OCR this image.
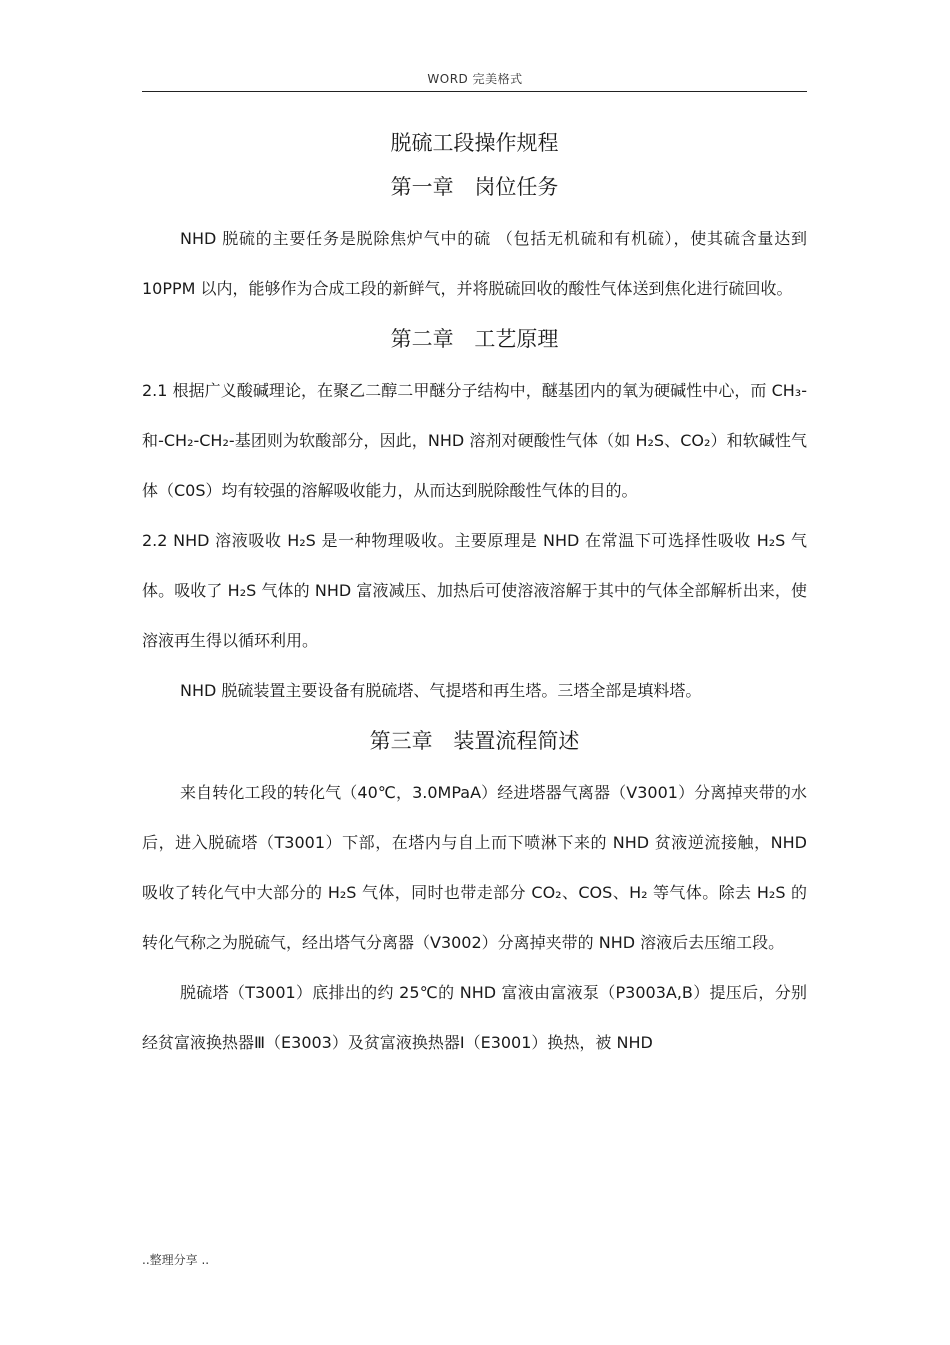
WORD 完美格式
脱硫工段操作规程
第一章 岗位任务

NHD 脱硫的主要任务是脱除焦炉气中的硫 （包括无机硫和有机硫），使其硫含量达到 10PPM 以内，能够作为合成工段的新鲜气，并将脱硫回收的酸性气体送到焦化进行硫回收。

第二章 工艺原理

2.1 根据广义酸碱理论，在聚乙二醇二甲醚分子结构中，醚基团内的氧为硬碱性中心，而 CH₃-和-CH₂-CH₂-基团则为软酸部分，因此，NHD 溶剂对硬酸性气体（如 H₂S、CO₂）和软碱性气体（C0S）均有较强的溶解吸收能力，从而达到脱除酸性气体的目的。

2.2 NHD 溶液吸收 H₂S 是一种物理吸收。主要原理是 NHD 在常温下可选择性吸收 H₂S 气体。吸收了 H₂S 气体的 NHD 富液减压、加热后可使溶液溶解于其中的气体全部解析出来，使溶液再生得以循环利用。

NHD 脱硫装置主要设备有脱硫塔、气提塔和再生塔。三塔全部是填料塔。

第三章 装置流程简述

来自转化工段的转化气（40℃，3.0MPaA）经进塔器气离器（V3001）分离掉夹带的水后，进入脱硫塔（T3001）下部，在塔内与自上而下喷淋下来的 NHD 贫液逆流接触，NHD 吸收了转化气中大部分的 H₂S 气体，同时也带走部分 CO₂、COS、H₂ 等气体。除去 H₂S 的转化气称之为脱硫气，经出塔气分离器（V3002）分离掉夹带的 NHD 溶液后去压缩工段。

脱硫塔（T3001）底排出的约 25℃的 NHD 富液由富液泵（P3003A,B）提压后，分别经贫富液换热器Ⅲ（E3003）及贫富液换热器Ⅰ（E3001）换热，被 NHD

..整理分享 ..
